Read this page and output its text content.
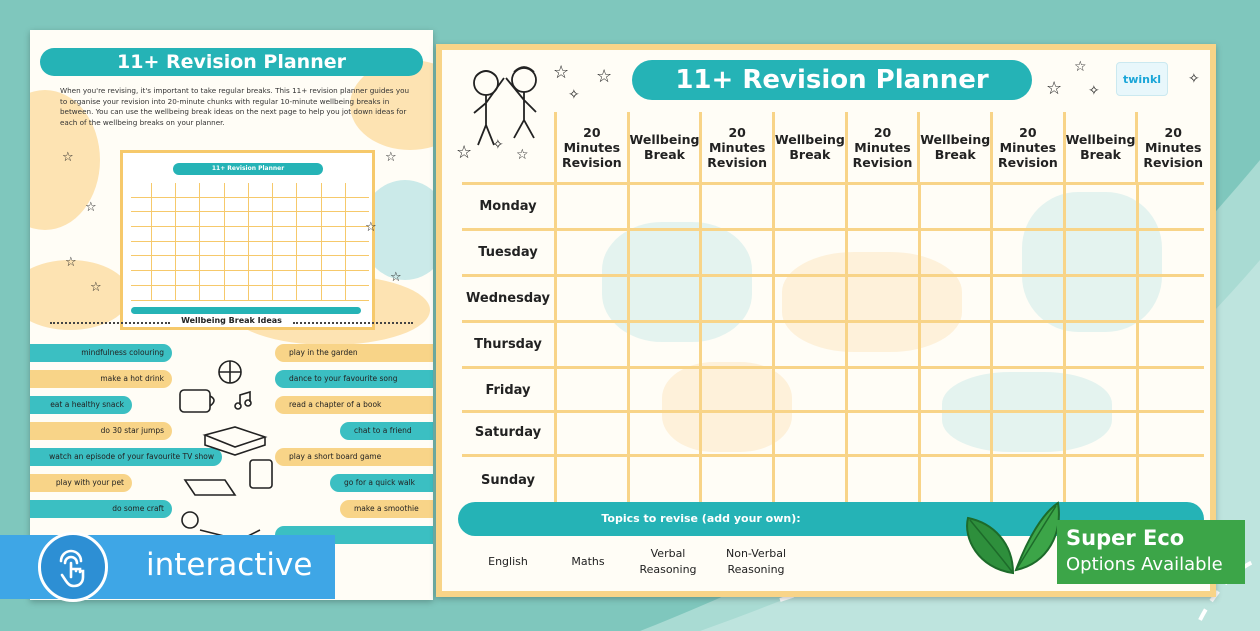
11+ Revision Planner
When you're revising, it's important to take regular breaks. This 11+ revision planner guides you to organise your revision into 20-minute chunks with regular 10-minute wellbeing breaks in between. You can use the wellbeing break ideas on the next page to help you jot down ideas for each of the wellbeing breaks on your planner.
11+ Revision Planner
☆
☆
☆
☆
☆
☆
☆
Wellbeing Break Ideas
mindfulness colouring
make a hot drink
eat a healthy snack
do 30 star jumps
watch an episode of your favourite TV show
play with your pet
do some craft
play in the garden
dance to your favourite song
read a chapter of a book
chat to a friend
play a short board game
go for a quick walk
make a smoothie
☆ ☆
✧
☆ ✧
☆
☆
☆
✧
✧
11+ Revision Planner	twinkl
20 Minutes Revision
Wellbeing Break
20 Minutes Revision
Wellbeing Break
20 Minutes Revision
Wellbeing Break
20 Minutes Revision
Wellbeing Break
20 Minutes Revision
Monday
Tuesday
Wednesday
Thursday
Friday
Saturday
Sunday
Topics to revise (add your own):
English	Maths
Verbal Reasoning
Non-Verbal Reasoning
Super Eco
Options Available
interactive
